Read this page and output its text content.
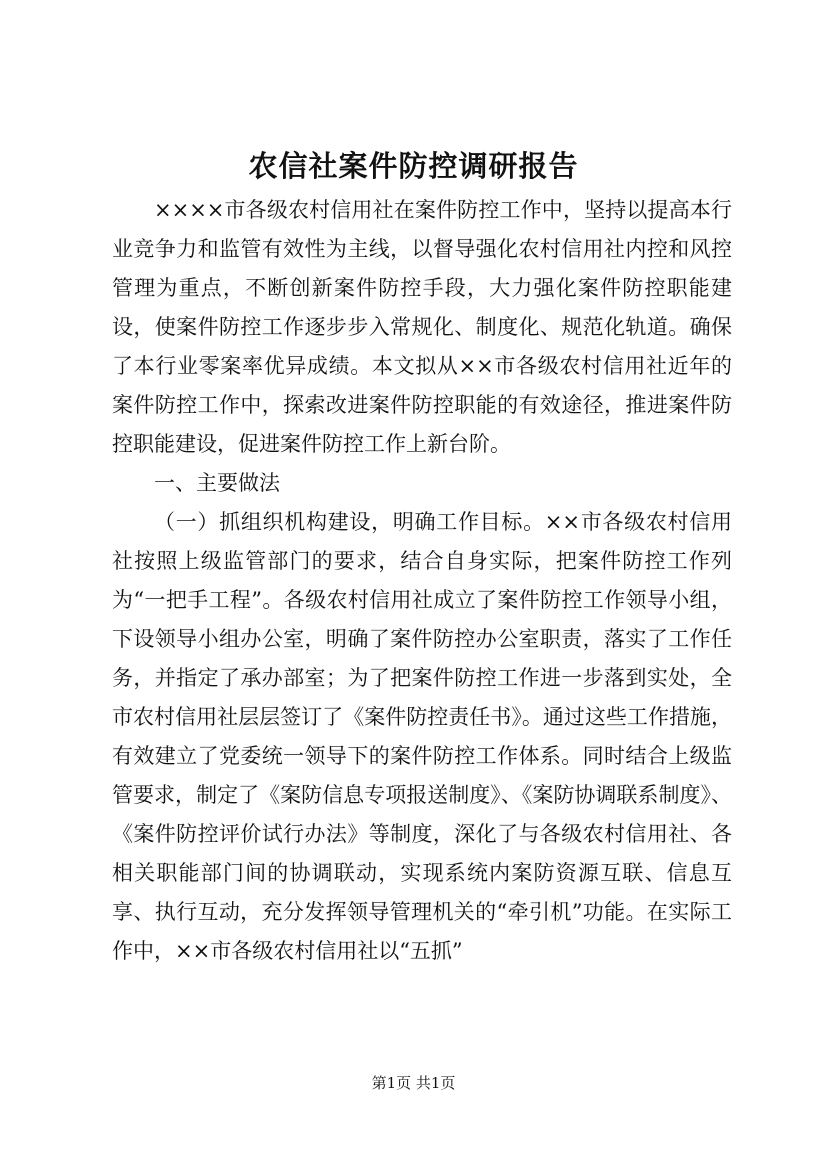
农信社案件防控调研报告

××××市各级农村信用社在案件防控工作中，坚持以提高本行业竞争力和监管有效性为主线，以督导强化农村信用社内控和风控管理为重点，不断创新案件防控手段，大力强化案件防控职能建设，使案件防控工作逐步步入常规化、制度化、规范化轨道。确保了本行业零案率优异成绩。本文拟从××市各级农村信用社近年的案件防控工作中，探索改进案件防控职能的有效途径，推进案件防控职能建设，促进案件防控工作上新台阶。

一、主要做法

（一）抓组织机构建设，明确工作目标。××市各级农村信用社按照上级监管部门的要求，结合自身实际，把案件防控工作列为“一把手工程”。各级农村信用社成立了案件防控工作领导小组，下设领导小组办公室，明确了案件防控办公室职责，落实了工作任务，并指定了承办部室；为了把案件防控工作进一步落到实处，全市农村信用社层层签订了《案件防控责任书》。通过这些工作措施，有效建立了党委统一领导下的案件防控工作体系。同时结合上级监管要求，制定了《案防信息专项报送制度》、《案防协调联系制度》、《案件防控评价试行办法》等制度，深化了与各级农村信用社、各相关职能部门间的协调联动，实现系统内案防资源互联、信息互享、执行互动，充分发挥领导管理机关的“牵引机”功能。在实际工作中，××市各级农村信用社以“五抓”

第1页 共1页
